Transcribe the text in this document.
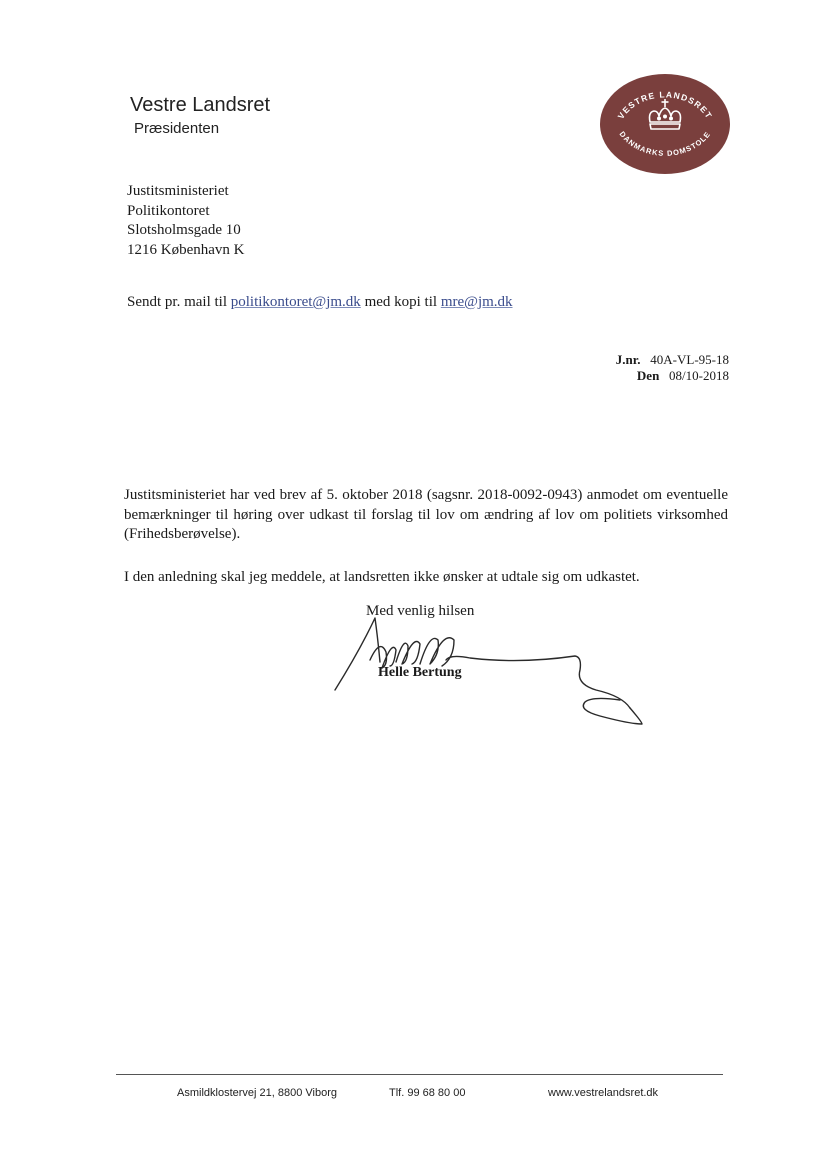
Vestre Landsret
Præsidenten
VESTRE LANDSRET
DANMARKS DOMSTOLE
Justitsministeriet
Politikontoret
Slotsholmsgade 10
1216 København K
Sendt pr. mail til politikontoret@jm.dk med kopi til mre@jm.dk
J.nr. 40A-VL-95-18
Den 08/10-2018
Justitsministeriet har ved brev af 5. oktober 2018 (sagsnr. 2018-0092-0943) anmodet om eventuelle bemærkninger til høring over udkast til forslag til lov om ændring af lov om politiets virksomhed (Frihedsberøvelse).
I den anledning skal jeg meddele, at landsretten ikke ønsker at udtale sig om udkastet.
Med venlig hilsen
Helle Bertung
Asmildklostervej 21, 8800 Viborg	Tlf. 99 68 80 00	www.vestrelandsret.dk
